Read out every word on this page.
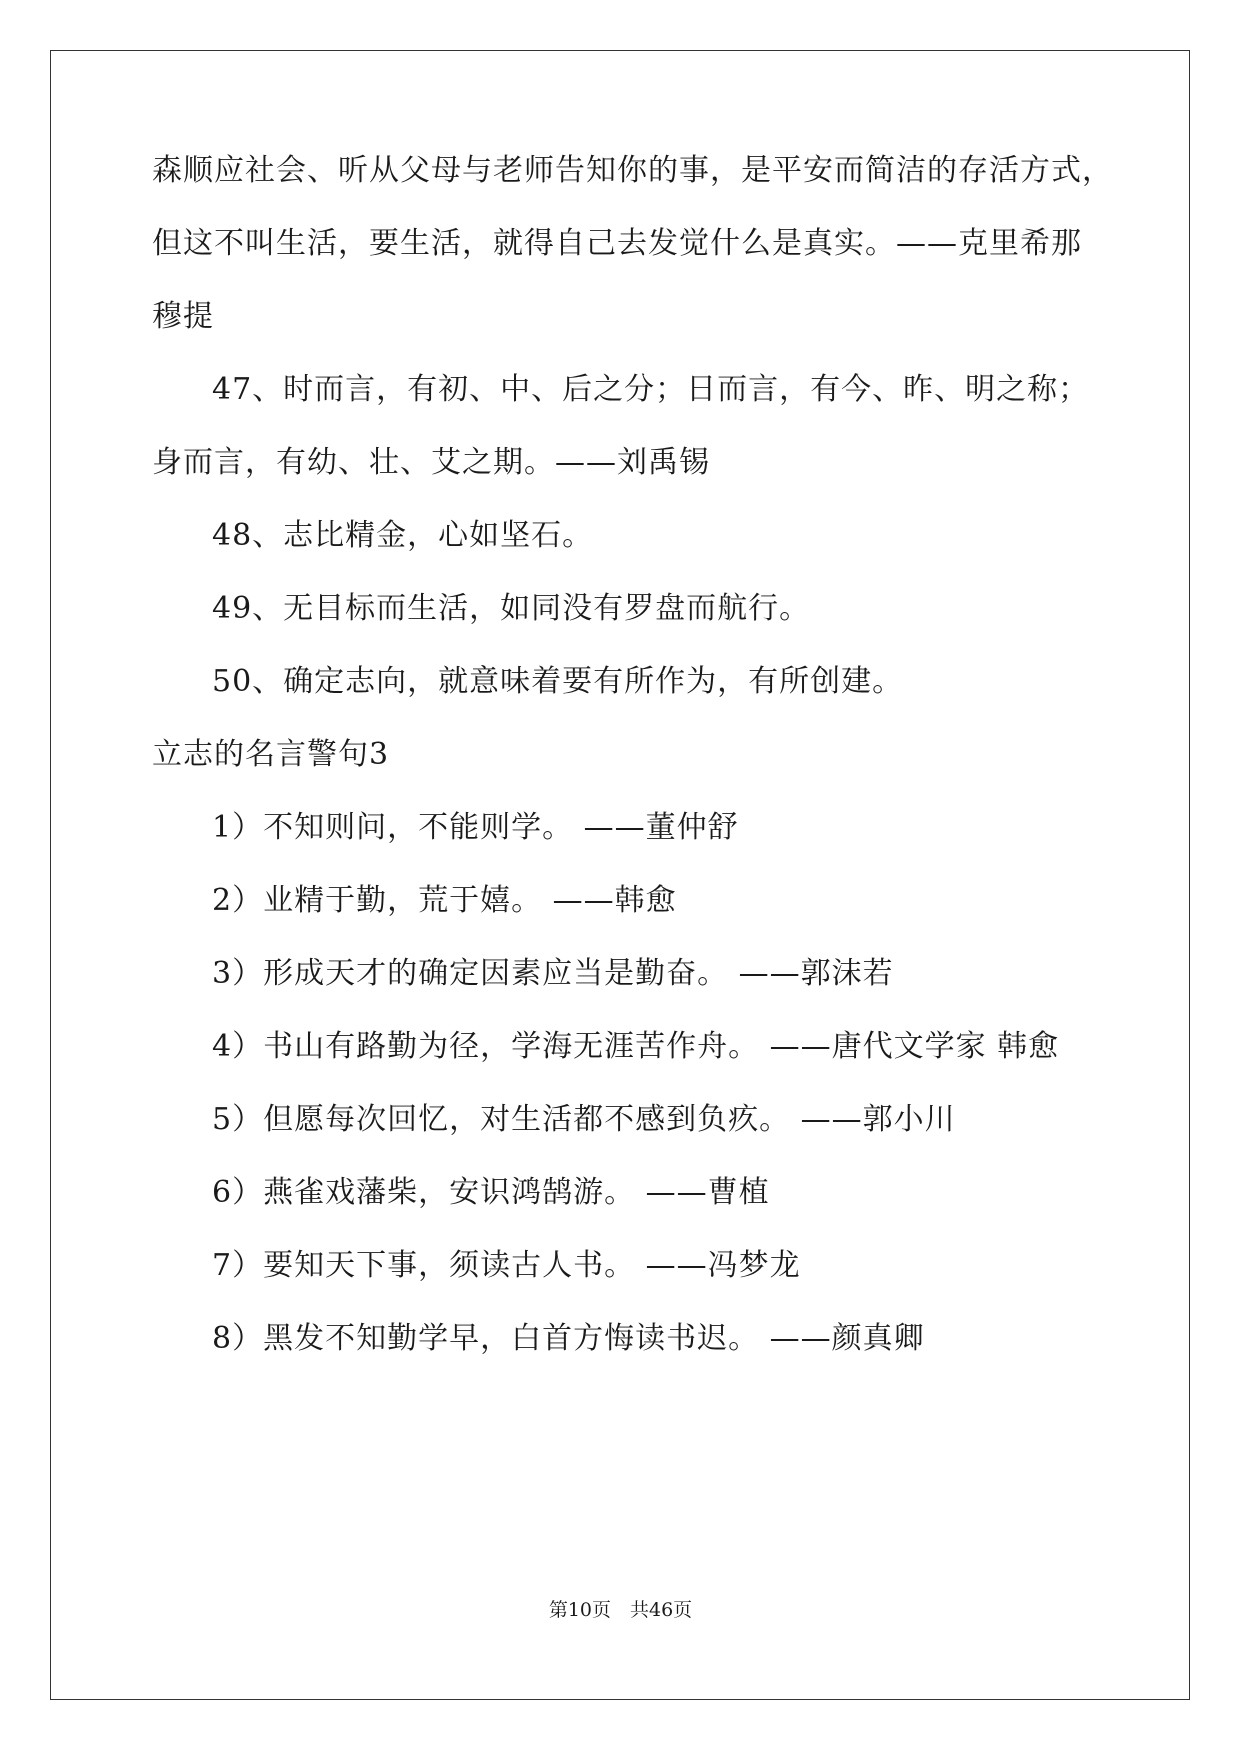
森顺应社会、听从父母与老师告知你的事，是平安而简洁的存活方式，
但这不叫生活，要生活，就得自己去发觉什么是真实。——克里希那
穆提
47、时而言，有初、中、后之分；日而言，有今、昨、明之称；
身而言，有幼、壮、艾之期。——刘禹锡
48、志比精金，心如坚石。
49、无目标而生活，如同没有罗盘而航行。
50、确定志向，就意味着要有所作为，有所创建。
立志的名言警句3
1）不知则问，不能则学。 ——董仲舒
2）业精于勤，荒于嬉。 ——韩愈
3）形成天才的确定因素应当是勤奋。 ——郭沫若
4）书山有路勤为径，学海无涯苦作舟。 ——唐代文学家 韩愈
5）但愿每次回忆，对生活都不感到负疚。 ——郭小川
6）燕雀戏藩柴，安识鸿鹄游。 ——曹植
7）要知天下事，须读古人书。 ——冯梦龙
8）黑发不知勤学早，白首方悔读书迟。 ——颜真卿
第10页　共46页
